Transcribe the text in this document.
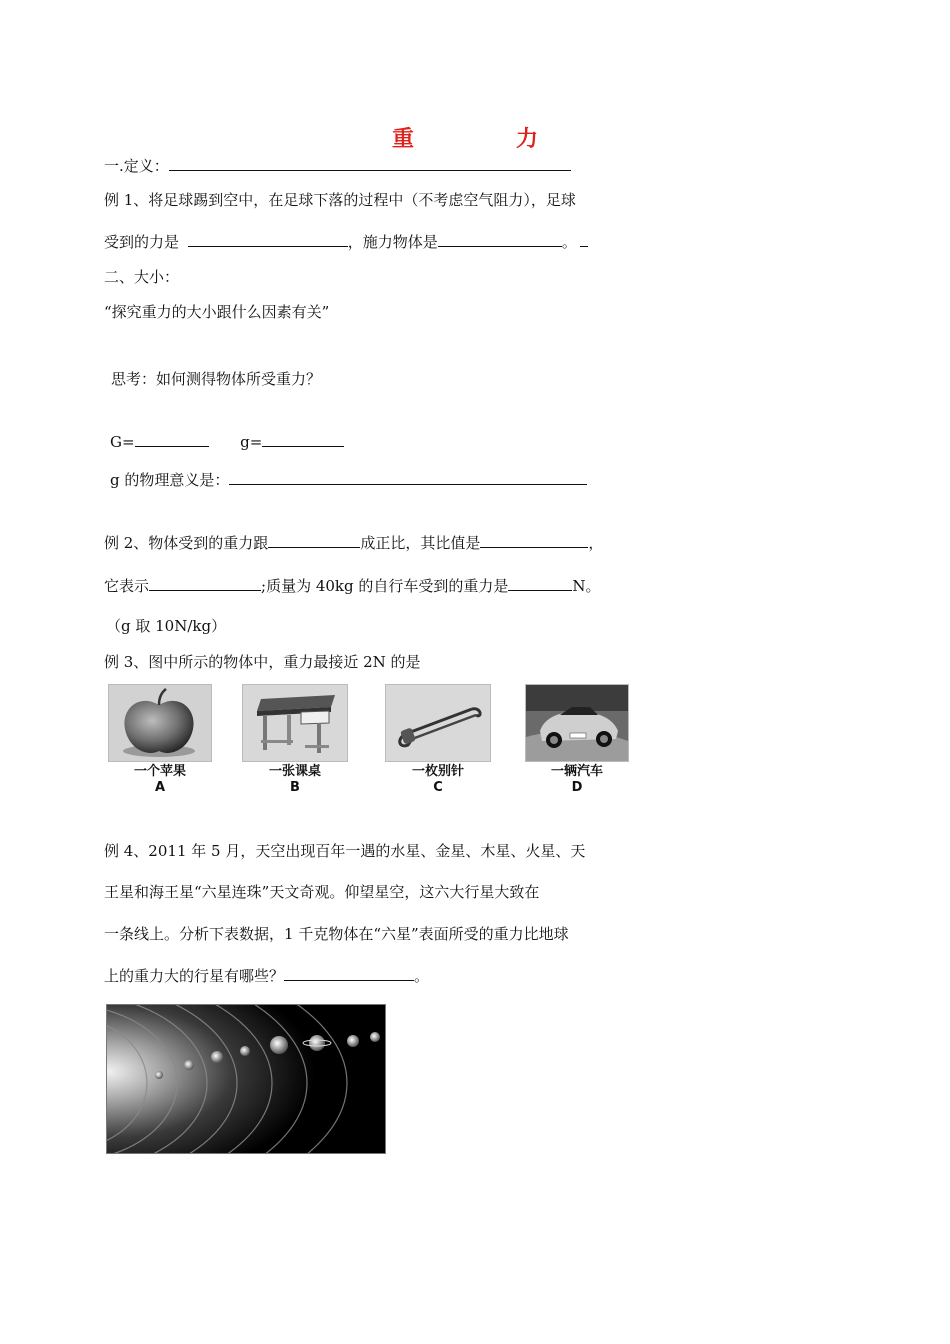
重　力
一.定义：
例 1、将足球踢到空中，在足球下落的过程中（不考虑空气阻力），足球
受到的力是	，施力物体是	。
二、大小：
“探究重力的大小跟什么因素有关”
思考：如何测得物体所受重力？
G=	g=
g 的物理意义是：
例 2、物体受到的重力跟	成正比，其比值是	，
它表示	;质量为 40kg 的自行车受到的重力是	N。
（g 取 10N/kg）
例 3、图中所示的物体中，重力最接近 2N 的是
一个苹果
A
一张课桌
B
一枚别针
C
一辆汽车
D
例 4、2011 年 5 月，天空出现百年一遇的水星、金星、木星、火星、天
王星和海王星“六星连珠”天文奇观。仰望星空，这六大行星大致在
一条线上。分析下表数据，1 千克物体在“六星”表面所受的重力比地球
上的重力大的行星有哪些？	。
